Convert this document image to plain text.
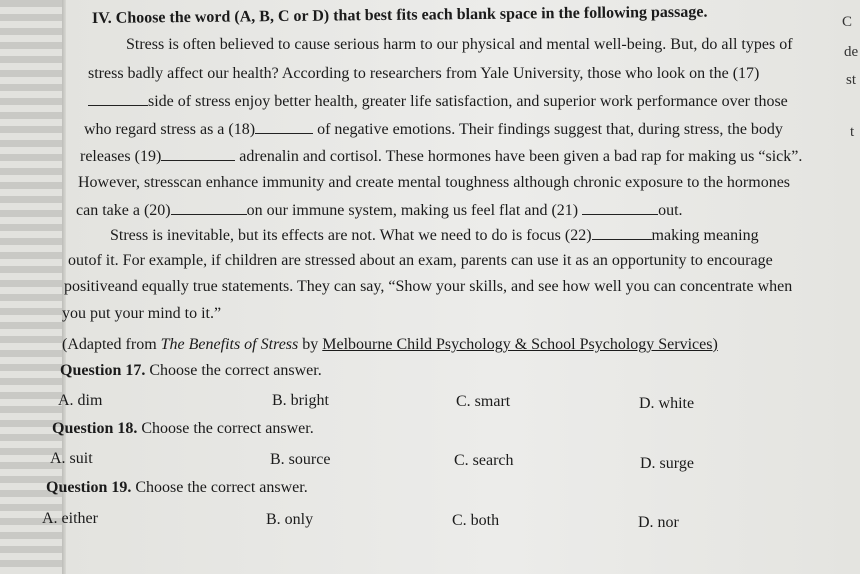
IV. Choose the word (A, B, C or D) that best fits each blank space in the following passage.
Stress is often believed to cause serious harm to our physical and mental well-being. But, do all types of
stress badly affect our health? According to researchers from Yale University, those who look on the (17)
side of stress enjoy better health, greater life satisfaction, and superior work performance over those
who regard stress as a (18)	of negative emotions. Their findings suggest that, during stress, the body
releases (19)	adrenalin and cortisol. These hormones have been given a bad rap for making us “sick”.
However, stresscan enhance immunity and create mental toughness although chronic exposure to the hormones
can take a (20)	on our immune system, making us feel flat and (21)	out.
Stress is inevitable, but its effects are not. What we need to do is focus (22)	making meaning
outof it. For example, if children are stressed about an exam, parents can use it as an opportunity to encourage
positiveand equally true statements. They can say, “Show your skills, and see how well you can concentrate when
you put your mind to it.”
(Adapted from The Benefits of Stress by Melbourne Child Psychology & School Psychology Services)
C
de
st
t
Question 17. Choose the correct answer.
A. dim	B. bright	C. smart	D. white
Question 18. Choose the correct answer.
A. suit	B. source	C. search	D. surge
Question 19. Choose the correct answer.
A. either	B. only	C. both	D. nor
